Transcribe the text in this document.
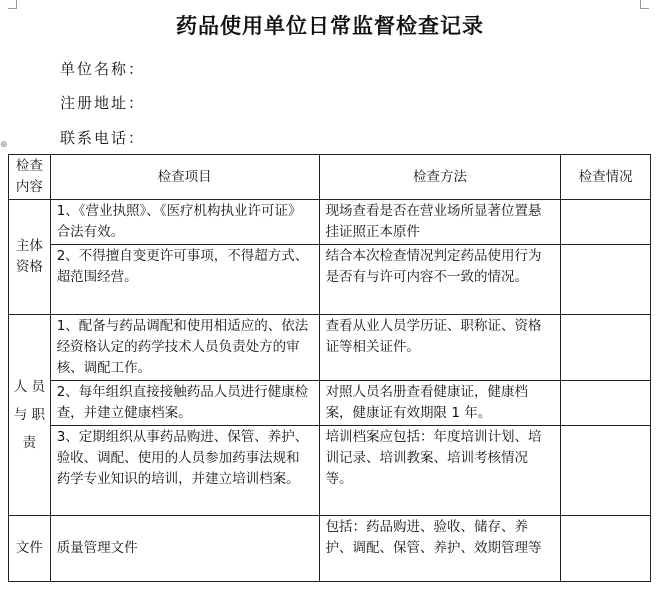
⊕
药品使用单位日常监督检查记录
单位名称：
注册地址：
联系电话：
检查
内容	检查项目	检查方法	检查情况
主体
资格	1、《营业执照》、《医疗机构执业许可证》合法有效。	现场查看是否在营业场所显著位置悬挂证照正本原件	
	2、不得擅自变更许可事项，不得超方式、超范围经营。	结合本次检查情况判定药品使用行为是否有与许可内容不一致的情况。	
人 员
与 职
责	1、配备与药品调配和使用相适应的、依法经资格认定的药学技术人员负责处方的审核、调配工作。	查看从业人员学历证、职称证、资格证等相关证件。	
	2、每年组织直接接触药品人员进行健康检查，并建立健康档案。	对照人员名册查看健康证，健康档案，健康证有效期限 1 年。	
	3、定期组织从事药品购进、保管、养护、验收、调配、使用的人员参加药事法规和药学专业知识的培训，并建立培训档案。	培训档案应包括：年度培训计划、培训记录、培训教案、培训考核情况等。	
文件	质量管理文件	包括：药品购进、验收、储存、养护、调配、保管、养护、效期管理等	
